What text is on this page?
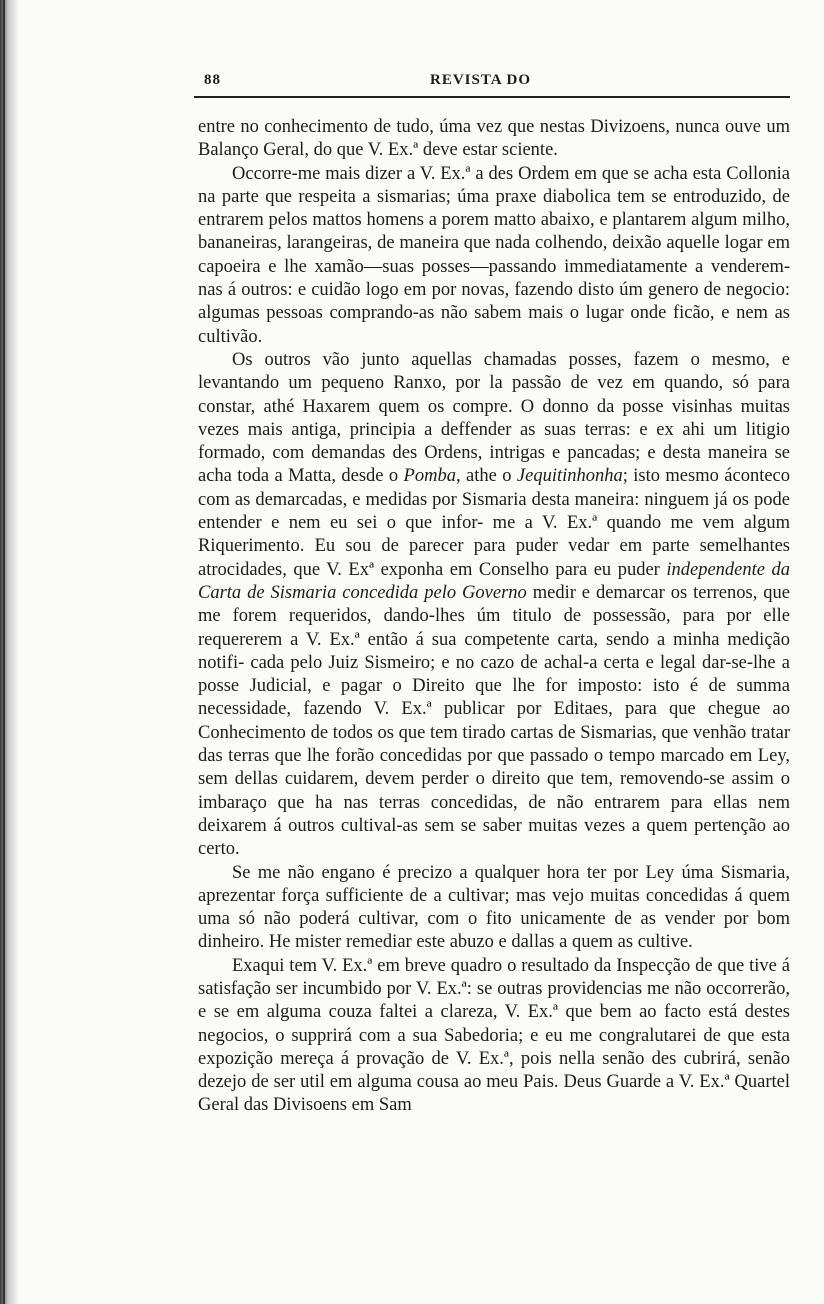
88	REVISTA DO

entre no conhecimento de tudo, úma vez que nestas Divizoens, nunca ouve um Balanço Geral, do que V. Ex.ª deve estar sciente.

Occorre-me mais dizer a V. Ex.ª a des Ordem em que se acha esta Collonia na parte que respeita a sismarias; úma praxe diabolica tem se entroduzido, de entrarem pelos mattos homens a porem matto abaixo, e plantarem algum milho, bananeiras, larangeiras, de maneira que nada colhendo, deixão aquelle logar em capoeira e lhe xamão—suas posses—passando immediatamente a venderem-nas á outros: e cuidão logo em por novas, fazendo disto úm genero de negocio: algumas pessoas comprando-as não sabem mais o lugar onde ficão, e nem as cultivão.

Os outros vão junto aquellas chamadas posses, fazem o mesmo, e levantando um pequeno Ranxo, por la passão de vez em quando, só para constar, athé Haxarem quem os compre. O donno da posse visinhas muitas vezes mais antiga, principia a deffender as suas terras: e ex ahi um litigio formado, com demandas des Ordens, intrigas e pancadas; e desta maneira se acha toda a Matta, desde o Pomba, athe o Jequitinhonha; isto mesmo áconteco com as demarcadas, e medidas por Sismaria desta maneira: ninguem já os pode entender e nem eu sei o que infor- me a V. Ex.ª quando me vem algum Riquerimento. Eu sou de parecer para puder vedar em parte semelhantes atrocidades, que V. Exª exponha em Conselho para eu puder independente da Carta de Sismaria concedida pelo Governo medir e demarcar os terrenos, que me forem requeridos, dando-lhes úm titulo de possessão, para por elle requererem a V. Ex.ª então á sua competente carta, sendo a minha medição notifi- cada pelo Juiz Sismeiro; e no cazo de achal-a certa e legal dar-se-lhe a posse Judicial, e pagar o Direito que lhe for imposto: isto é de summa necessidade, fazendo V. Ex.ª publicar por Editaes, para que chegue ao Conhecimento de todos os que tem tirado cartas de Sismarias, que venhão tratar das terras que lhe forão concedidas por que passado o tempo marcado em Ley, sem dellas cuidarem, devem perder o direito que tem, removendo-se assim o imbaraço que ha nas terras concedidas, de não entrarem para ellas nem deixarem á outros cultival-as sem se saber muitas vezes a quem pertenção ao certo.

Se me não engano é precizo a qualquer hora ter por Ley úma Sismaria, aprezentar força sufficiente de a cultivar; mas vejo muitas concedidas á quem uma só não poderá cultivar, com o fito unicamente de as vender por bom dinheiro. He mister remediar este abuzo e dallas a quem as cultive.

Exaqui tem V. Ex.ª em breve quadro o resultado da Inspecção de que tive á satisfação ser incumbido por V. Ex.ª: se outras providencias me não occorrerão, e se em alguma couza faltei a clareza, V. Ex.ª que bem ao facto está destes negocios, o supprirá com a sua Sabedoria; e eu me congralutarei de que esta expozição mereça á provação de V. Ex.ª, pois nella senão des cubrirá, senão dezejo de ser util em alguma cousa ao meu Pais. Deus Guarde a V. Ex.ª Quartel Geral das Divisoens em Sam
